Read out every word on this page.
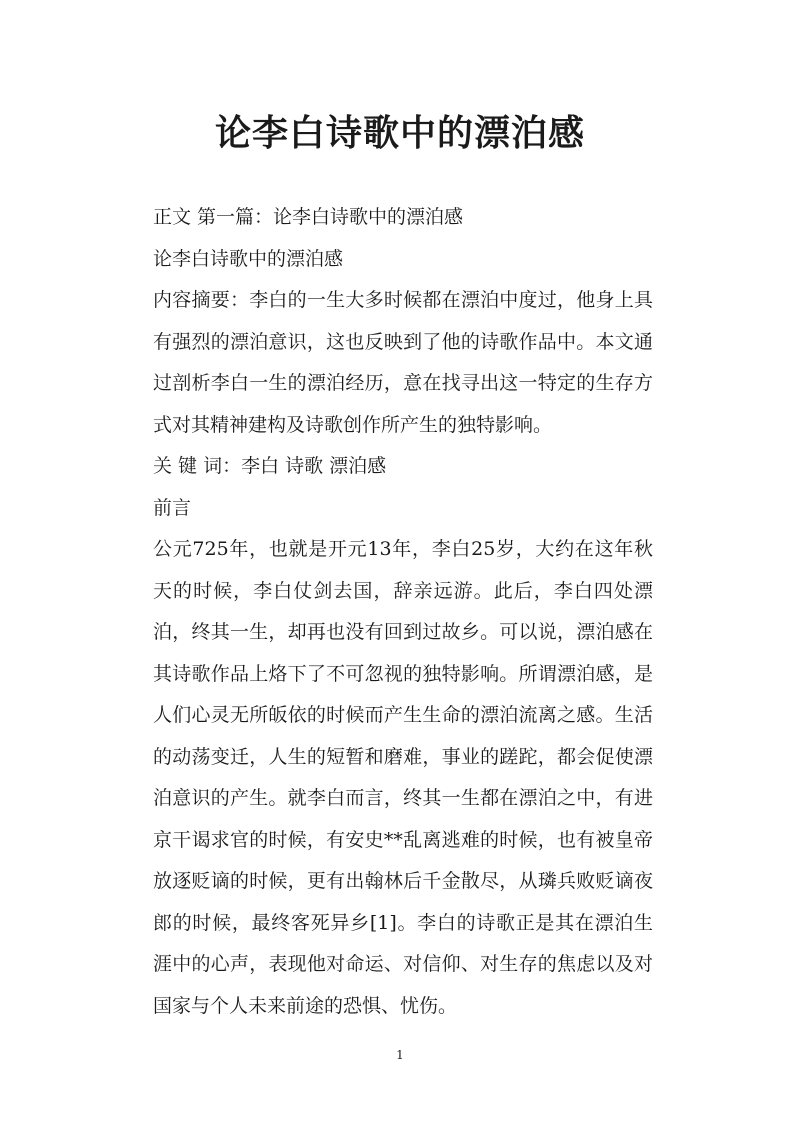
论李白诗歌中的漂泊感

正文 第一篇：论李白诗歌中的漂泊感

论李白诗歌中的漂泊感

内容摘要：李白的一生大多时候都在漂泊中度过，他身上具有强烈的漂泊意识，这也反映到了他的诗歌作品中。本文通过剖析李白一生的漂泊经历，意在找寻出这一特定的生存方式对其精神建构及诗歌创作所产生的独特影响。

关 键 词：李白 诗歌 漂泊感

前言

公元725年，也就是开元13年，李白25岁，大约在这年秋天的时候，李白仗剑去国，辞亲远游。此后，李白四处漂泊，终其一生，却再也没有回到过故乡。可以说，漂泊感在其诗歌作品上烙下了不可忽视的独特影响。所谓漂泊感，是人们心灵无所皈依的时候而产生生命的漂泊流离之感。生活的动荡变迁，人生的短暂和磨难，事业的蹉跎，都会促使漂泊意识的产生。就李白而言，终其一生都在漂泊之中，有进京干谒求官的时候，有安史**乱离逃难的时候，也有被皇帝放逐贬谪的时候，更有出翰林后千金散尽，从璘兵败贬谪夜郎的时候，最终客死异乡[1]。李白的诗歌正是其在漂泊生涯中的心声，表现他对命运、对信仰、对生存的焦虑以及对国家与个人未来前途的恐惧、忧伤。

1
